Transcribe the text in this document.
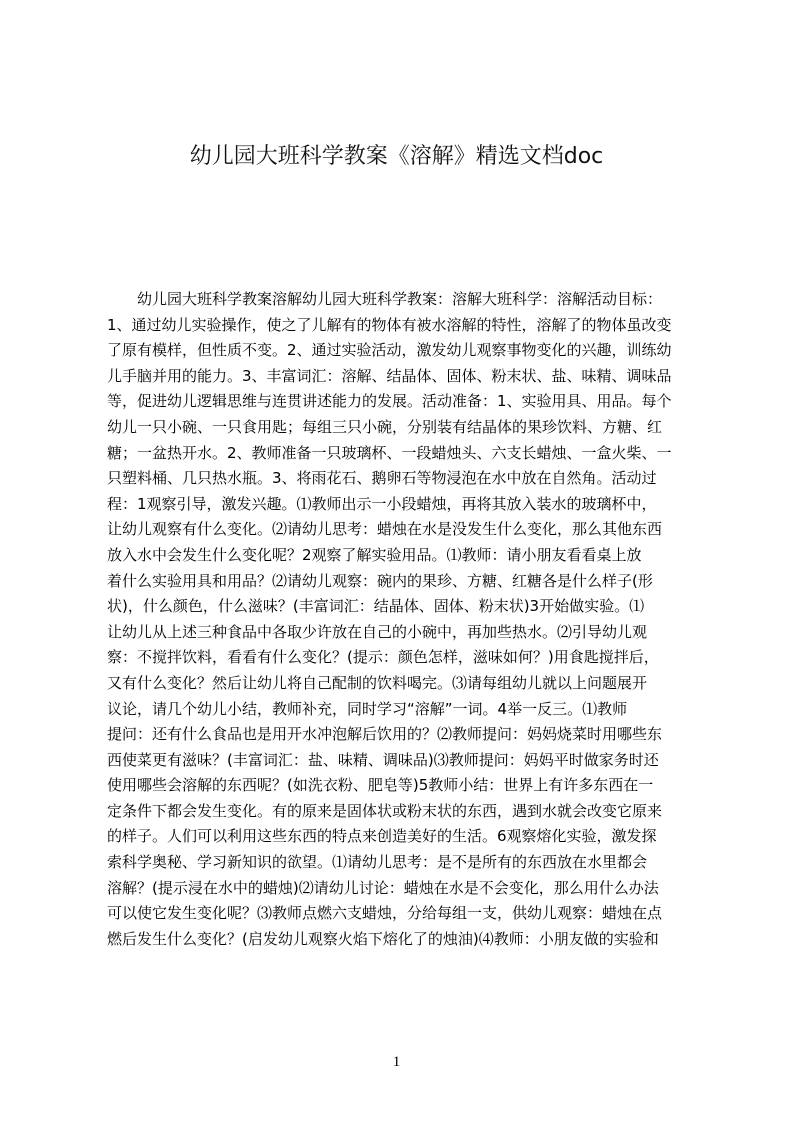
幼儿园大班科学教案《溶解》精选文档doc
　　幼儿园大班科学教案溶解幼儿园大班科学教案：溶解大班科学：溶解活动目标：
1、通过幼儿实验操作，使之了儿解有的物体有被水溶解的特性，溶解了的物体虽改变
了原有模样，但性质不变。2、通过实验活动，激发幼儿观察事物变化的兴趣，训练幼
儿手脑并用的能力。3、丰富词汇：溶解、结晶体、固体、粉末状、盐、味精、调味品
等，促进幼儿逻辑思维与连贯讲述能力的发展。活动准备：1、实验用具、用品。每个
幼儿一只小碗、一只食用匙；每组三只小碗，分别装有结晶体的果珍饮料、方糖、红
糖；一盆热开水。2、教师准备一只玻璃杯、一段蜡烛头、六支长蜡烛、一盒火柴、一
只塑料桶、几只热水瓶。3、将雨花石、鹅卵石等物浸泡在水中放在自然角。活动过
程：1观察引导，激发兴趣。⑴教师出示一小段蜡烛，再将其放入装水的玻璃杯中，
让幼儿观察有什么变化。⑵请幼儿思考：蜡烛在水是没发生什么变化，那么其他东西
放入水中会发生什么变化呢？2观察了解实验用品。⑴教师：请小朋友看看桌上放
着什么实验用具和用品？⑵请幼儿观察：碗内的果珍、方糖、红糖各是什么样子(形
状)，什么颜色，什么滋味？(丰富词汇：结晶体、固体、粉末状)3开始做实验。⑴
让幼儿从上述三种食品中各取少许放在自己的小碗中，再加些热水。⑵引导幼儿观
察：不搅拌饮料，看看有什么变化？(提示：颜色怎样，滋味如何？)用食匙搅拌后，
又有什么变化？然后让幼儿将自己配制的饮料喝完。⑶请每组幼儿就以上问题展开
议论，请几个幼儿小结，教师补充，同时学习“溶解”一词。4举一反三。⑴教师
提问：还有什么食品也是用开水冲泡解后饮用的？⑵教师提问：妈妈烧菜时用哪些东
西使菜更有滋味？(丰富词汇：盐、味精、调味品)⑶教师提问：妈妈平时做家务时还
使用哪些会溶解的东西呢？(如洗衣粉、肥皂等)5教师小结：世界上有许多东西在一
定条件下都会发生变化。有的原来是固体状或粉末状的东西，遇到水就会改变它原来
的样子。人们可以利用这些东西的特点来创造美好的生活。6观察熔化实验，激发探
索科学奥秘、学习新知识的欲望。⑴请幼儿思考：是不是所有的东西放在水里都会
溶解？(提示浸在水中的蜡烛)⑵请幼儿讨论：蜡烛在水是不会变化，那么用什么办法
可以使它发生变化呢？⑶教师点燃六支蜡烛，分给每组一支，供幼儿观察：蜡烛在点
燃后发生什么变化？(启发幼儿观察火焰下熔化了的烛油)⑷教师：小朋友做的实验和
1
